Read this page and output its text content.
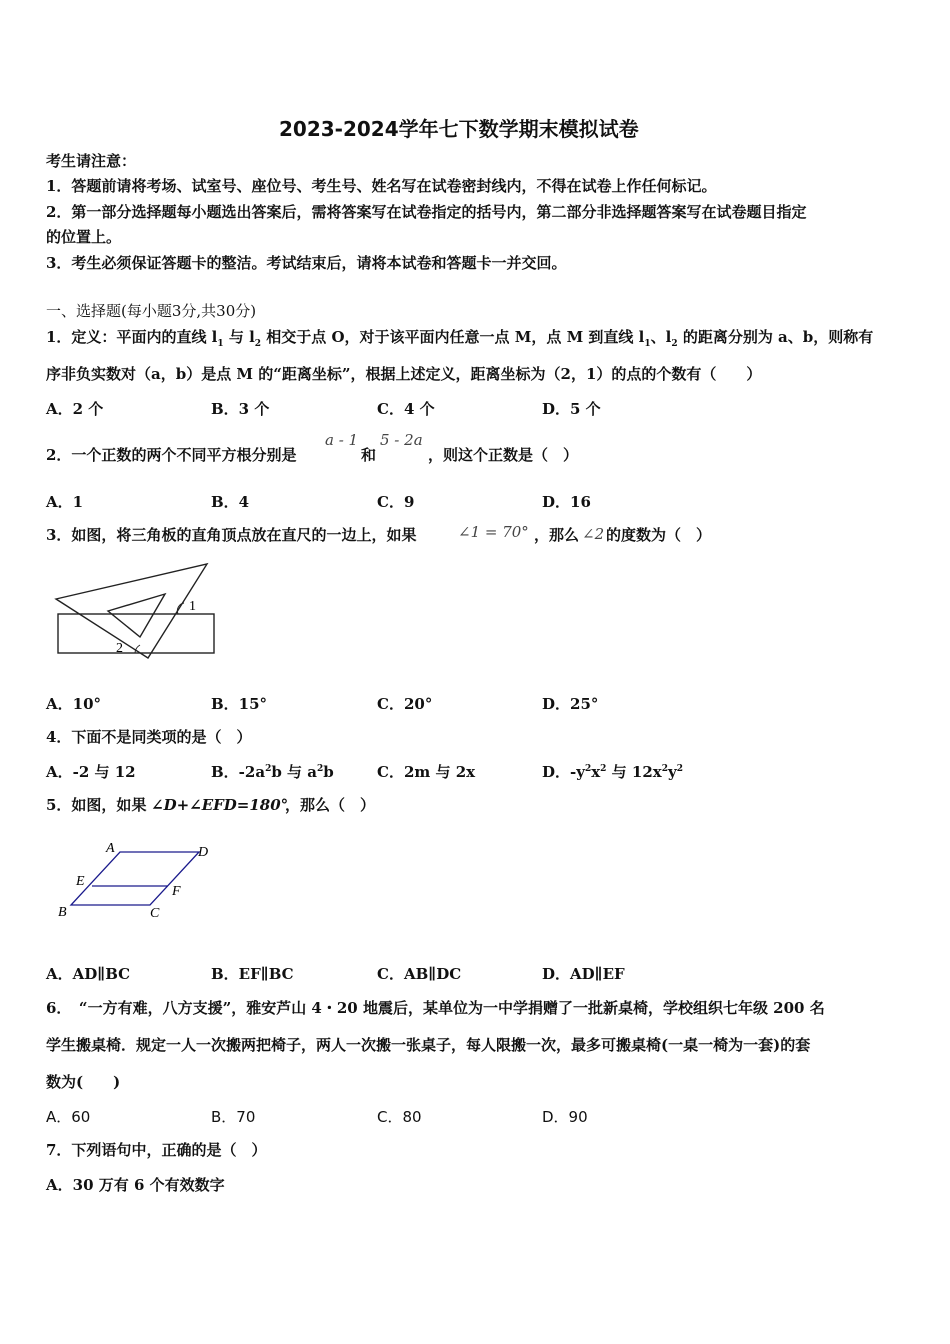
2023-2024学年七下数学期末模拟试卷
考生请注意：
1．答题前请将考场、试室号、座位号、考生号、姓名写在试卷密封线内，不得在试卷上作任何标记。
2．第一部分选择题每小题选出答案后，需将答案写在试卷指定的括号内，第二部分非选择题答案写在试卷题目指定
的位置上。
3．考生必须保证答题卡的整洁。考试结束后，请将本试卷和答题卡一并交回。
一、选择题(每小题3分,共30分)
1．定义：平面内的直线 $l_1$ 与 $l_2$ 相交于点 O，对于该平面内任意一点 M，点 M 到直线 $l_1$、$l_2$ 的距离分别为 a、b，则称有
序非负实数对（a，b）是点 M 的“距离坐标”，根据上述定义，距离坐标为（2，1）的点的个数有（　　）
A．2 个	B．3 个	C．4 个	D．5 个
2．一个正数的两个不同平方根分别是
a - 1
和
5 - 2a
，则这个正数是（　）
A．1	B．4	C．9	D．16
3．如图，将三角板的直角顶点放在直尺的一边上，如果	∠1 = 70° ，那么 ∠2 的度数为（　）
1
2
A．10°	B．15°	C．20°	D．25°
4．下面不是同类项的是（　）
A．-2 与 12	B．$-2a^2b$ 与 $a^2b$	C．2m 与 2x	D．$-y^2x^2$ 与 $12x^2y^2$
5．如图，如果 ∠D+∠EFD=180°
，那么（　）
A	D
E
F
B	C
A．AD∥BC	B．EF∥BC	C．AB∥DC	D．AD∥EF
6．　“一方有难，八方支援”，雅安芦山 4・20 地震后，某单位为一中学捐赠了一批新桌椅，学校组织七年级 200 名
学生搬桌椅．规定一人一次搬两把椅子，两人一次搬一张桌子，每人限搬一次，最多可搬桌椅(一桌一椅为一套)的套
数为(　　)
A．60	B．70	C．80	D．90
7．下列语句中，正确的是（　）
A．30 万有 6 个有效数字
